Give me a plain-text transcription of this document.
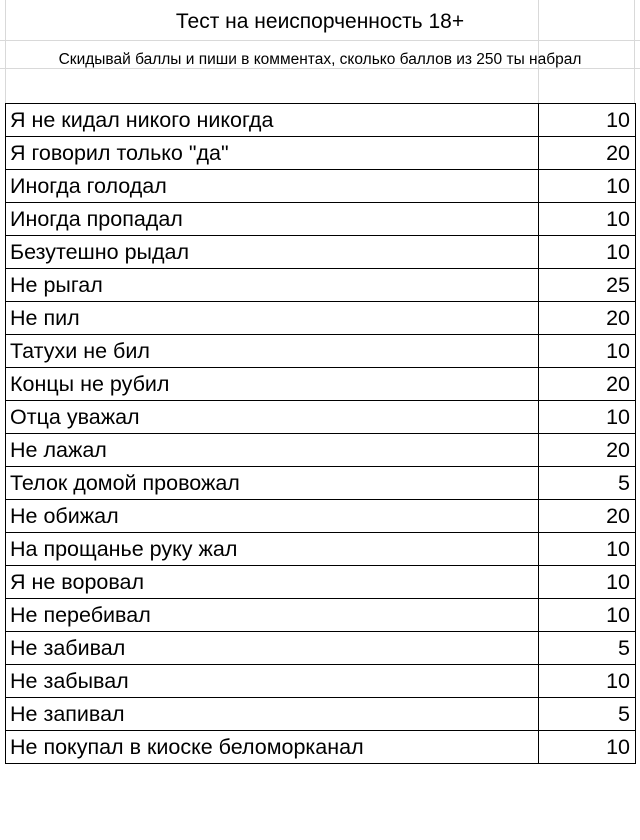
Тест на неиспорченность 18+
Скидывай баллы и пиши в комментах, сколько баллов из 250 ты набрал
Я не кидал никого никогда	10
Я говорил только "да"	20
Иногда голодал	10
Иногда пропадал	10
Безутешно рыдал	10
Не рыгал	25
Не пил	20
Татухи не бил	10
Концы не рубил	20
Отца уважал	10
Не лажал	20
Телок домой провожал	5
Не обижал	20
На прощанье руку жал	10
Я не воровал	10
Не перебивал	10
Не забивал	5
Не забывал	10
Не запивал	5
Не покупал в киоске беломорканал	10
